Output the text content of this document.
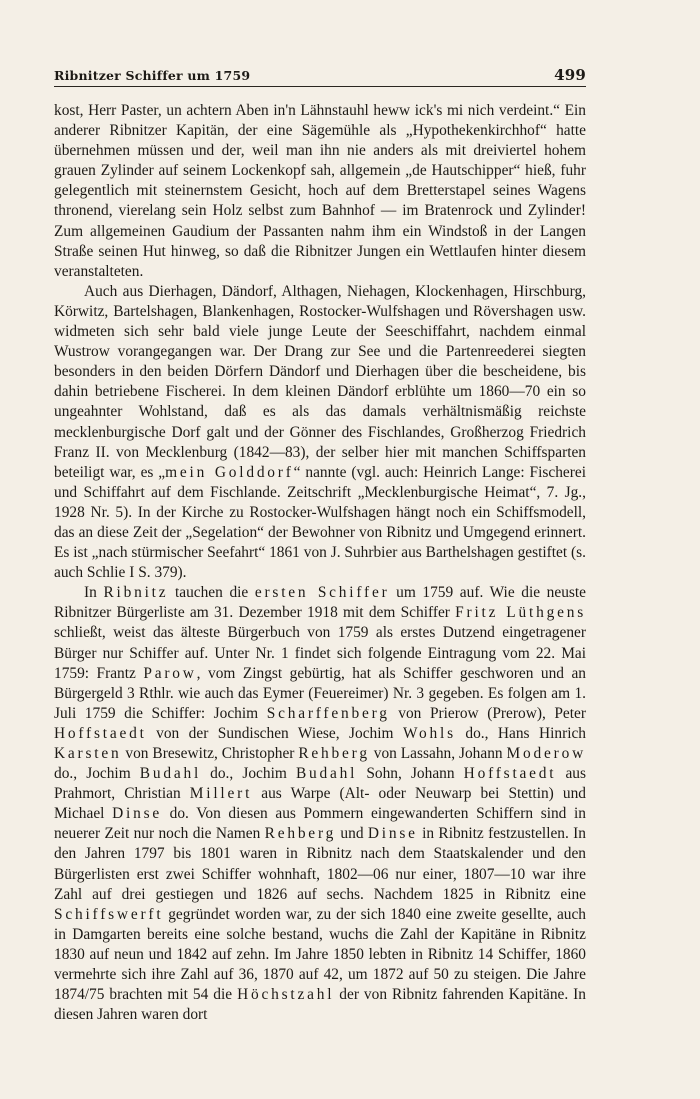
Ribnitzer Schiffer um 1759	499

kost, Herr Paster, un achtern Aben in'n Lähnstauhl heww ick's mi nich verdeint.“ Ein anderer Ribnitzer Kapitän, der eine Sägemühle als „Hypothekenkirchhof“ hatte übernehmen müssen und der, weil man ihn nie anders als mit dreiviertel hohem grauen Zylinder auf seinem Lockenkopf sah, allgemein „de Hautschipper“ hieß, fuhr gelegentlich mit steinernstem Gesicht, hoch auf dem Bretterstapel seines Wagens thronend, vierelang sein Holz selbst zum Bahnhof — im Bratenrock und Zylinder! Zum allgemeinen Gaudium der Passanten nahm ihm ein Windstoß in der Langen Straße seinen Hut hinweg, so daß die Ribnitzer Jungen ein Wettlaufen hinter diesem veranstalteten.

Auch aus Dierhagen, Dändorf, Althagen, Niehagen, Klockenhagen, Hirschburg, Körwitz, Bartelshagen, Blankenhagen, Rostocker-Wulfshagen und Rövershagen usw. widmeten sich sehr bald viele junge Leute der Seeschiffahrt, nachdem einmal Wustrow vorangegangen war. Der Drang zur See und die Partenreederei siegten besonders in den beiden Dörfern Dändorf und Dierhagen über die bescheidene, bis dahin betriebene Fischerei. In dem kleinen Dändorf erblühte um 1860—70 ein so ungeahnter Wohlstand, daß es als das damals verhältnismäßig reichste mecklenburgische Dorf galt und der Gönner des Fischlandes, Großherzog Friedrich Franz II. von Mecklenburg (1842—83), der selber hier mit manchen Schiffsparten beteiligt war, es „mein Golddorf“ nannte (vgl. auch: Heinrich Lange: Fischerei und Schiffahrt auf dem Fischlande. Zeitschrift „Mecklenburgische Heimat“, 7. Jg., 1928 Nr. 5). In der Kirche zu Rostocker-Wulfshagen hängt noch ein Schiffsmodell, das an diese Zeit der „Segelation“ der Bewohner von Ribnitz und Umgegend erinnert. Es ist „nach stürmischer Seefahrt“ 1861 von J. Suhrbier aus Barthelshagen gestiftet (s. auch Schlie I S. 379).

In Ribnitz tauchen die ersten Schiffer um 1759 auf. Wie die neuste Ribnitzer Bürgerliste am 31. Dezember 1918 mit dem Schiffer Fritz Lüthgens schließt, weist das älteste Bürgerbuch von 1759 als erstes Dutzend eingetragener Bürger nur Schiffer auf. Unter Nr. 1 findet sich folgende Eintragung vom 22. Mai 1759: Frantz Parow, vom Zingst gebürtig, hat als Schiffer geschworen und an Bürgergeld 3 Rthlr. wie auch das Eymer (Feuereimer) Nr. 3 gegeben. Es folgen am 1. Juli 1759 die Schiffer: Jochim Scharffenberg von Prierow (Prerow), Peter Hoffstaedt von der Sundischen Wiese, Jochim Wohls do., Hans Hinrich Karsten von Bresewitz, Christopher Rehberg von Lassahn, Johann Moderow do., Jochim Budahl do., Jochim Budahl Sohn, Johann Hoffstaedt aus Prahmort, Christian Millert aus Warpe (Alt- oder Neuwarp bei Stettin) und Michael Dinse do. Von diesen aus Pommern eingewanderten Schiffern sind in neuerer Zeit nur noch die Namen Rehberg und Dinse in Ribnitz festzustellen. In den Jahren 1797 bis 1801 waren in Ribnitz nach dem Staatskalender und den Bürgerlisten erst zwei Schiffer wohnhaft, 1802—06 nur einer, 1807—10 war ihre Zahl auf drei gestiegen und 1826 auf sechs. Nachdem 1825 in Ribnitz eine Schiffswerft gegründet worden war, zu der sich 1840 eine zweite gesellte, auch in Damgarten bereits eine solche bestand, wuchs die Zahl der Kapitäne in Ribnitz 1830 auf neun und 1842 auf zehn. Im Jahre 1850 lebten in Ribnitz 14 Schiffer, 1860 vermehrte sich ihre Zahl auf 36, 1870 auf 42, um 1872 auf 50 zu steigen. Die Jahre 1874/75 brachten mit 54 die Höchstzahl der von Ribnitz fahrenden Kapitäne. In diesen Jahren waren dort
